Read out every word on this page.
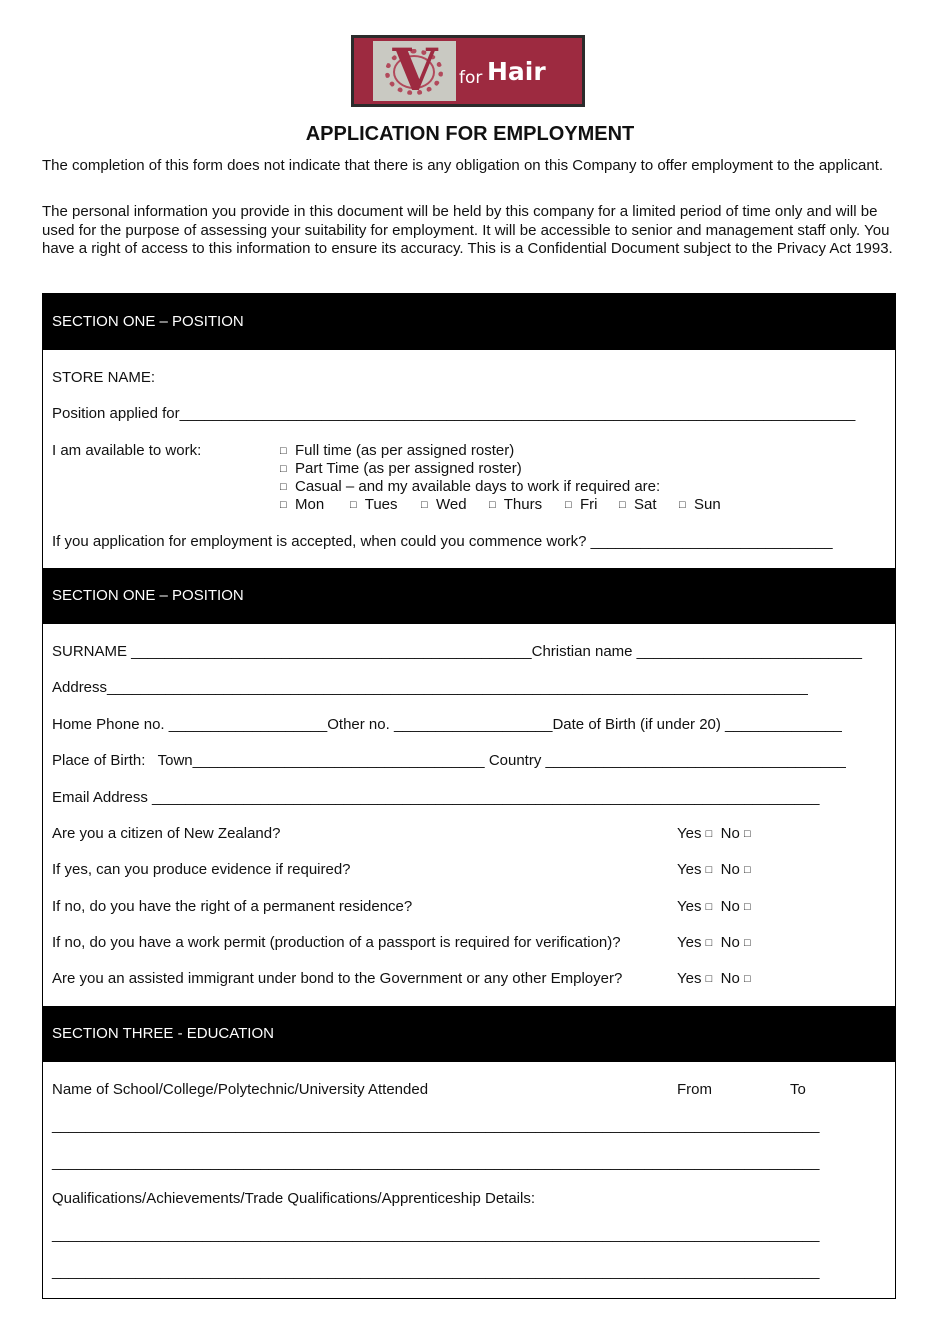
V	for Hair
APPLICATION FOR EMPLOYMENT

The completion of this form does not indicate that there is any obligation on this Company to offer employment to the applicant.

The personal information you provide in this document will be held by this company for a limited period of time only and will be used for the purpose of assessing your suitability for employment. It will be accessible to senior and management staff only. You have a right of access to this information to ensure its accuracy. This is a Confidential Document subject to the Privacy Act 1993.

SECTION ONE – POSITION
STORE NAME:
Position applied for_________________________________________________________________________________
I am available to work:	□ Full time (as per assigned roster)
□ Part Time (as per assigned roster)
□ Casual – and my available days to work if required are:
□ Mon □ Tues □ Wed □ Thurs □ Fri □ Sat □ Sun
If you application for employment is accepted, when could you commence work? _____________________________
SECTION ONE – POSITION
SURNAME ________________________________________________Christian name ___________________________
Address____________________________________________________________________________________
Home Phone no. ___________________Other no. ___________________Date of Birth (if under 20) ______________
Place of Birth: Town___________________________________ Country ____________________________________
Email Address ________________________________________________________________________________
Are you a citizen of New Zealand?	Yes □ No □
If yes, can you produce evidence if required?	Yes □ No □
If no, do you have the right of a permanent residence?	Yes □ No □
If no, do you have a work permit (production of a passport is required for verification)?	Yes □ No □
Are you an assisted immigrant under bond to the Government or any other Employer?	Yes □ No □
SECTION THREE - EDUCATION
Name of School/College/Polytechnic/University Attended	From	To
____________________________________________________________________________________________
____________________________________________________________________________________________
Qualifications/Achievements/Trade Qualifications/Apprenticeship Details:
____________________________________________________________________________________________
____________________________________________________________________________________________
